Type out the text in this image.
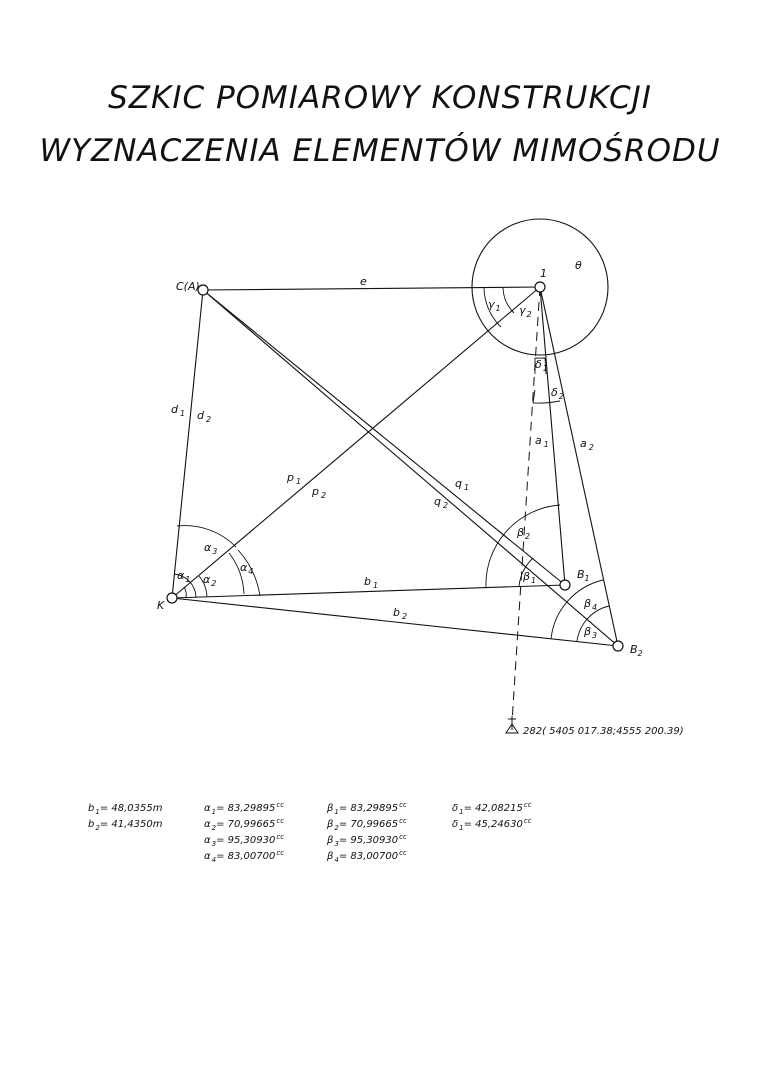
SZKIC POMIAROWY KONSTRUKCJI
WYZNACZENIA ELEMENTÓW MIMOŚRODU
C(A)
1
K
$B_1$
$B_2$
282( 5405 017.38;4555 200.39)
e
d $_1$ d $_2$
p $_1$
p $_2$
q $_1$
q $_2$
a $_1$	a $_2$
b $_1$
b $_2$
θ
$\gamma_1$ $\gamma_2$
$\delta_1$
$\delta_2$
$\alpha_1$ $\alpha_2$
$\alpha_3$
$\alpha_4$	$\beta_1$
$\beta_2$
$\beta_3$
$\beta_4$
$b_1= 48,0355m$
$b_2= 41,4350m$
$\alpha_1= 83,29895^{cc}$
$\alpha_2= 70,99665^{cc}$
$\alpha_3= 95,30930^{cc}$
$\alpha_4= 83,00700^{cc}$
$\beta_1= 83,29895^{cc}$
$\beta_2= 70,99665^{cc}$
$\beta_3= 95,30930^{cc}$
$\beta_4= 83,00700^{cc}$
$\delta_1= 42,08215^{cc}$
$\delta_1= 45,24630^{cc}$
